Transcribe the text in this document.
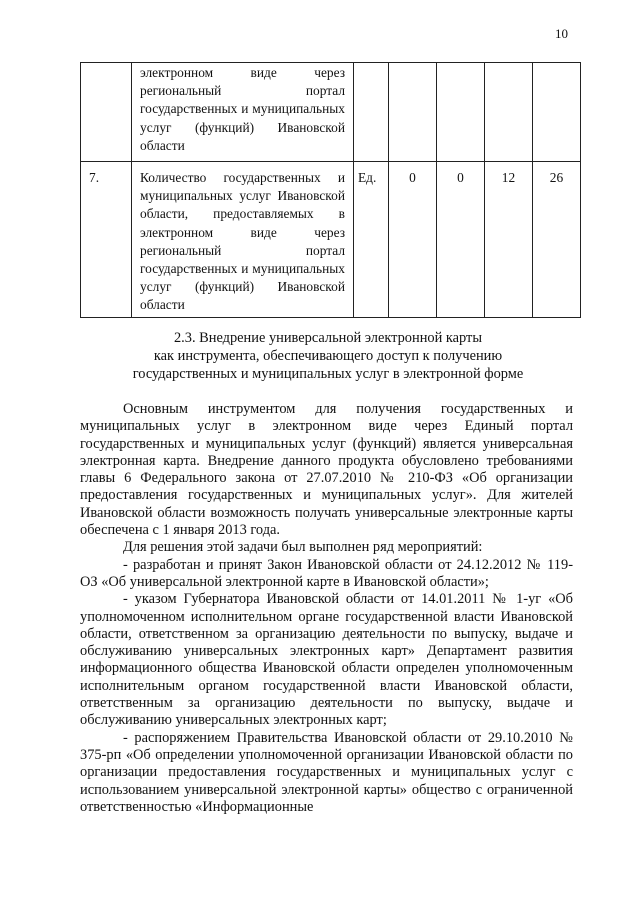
10

	электронном виде через региональный портал государственных и муниципальных услуг (функций) Ивановской области					

7.	Количество государственных и муниципальных услуг Ивановской области, предоставляемых в электронном виде через региональный портал государственных и муниципальных услуг (функций) Ивановской области	Ед.	0	0	12	26
2.3. Внедрение универсальной электронной карты
как инструмента, обеспечивающего доступ к получению
государственных и муниципальных услуг в электронной форме

Основным инструментом для получения государственных и муниципальных услуг в электронном виде через Единый портал государственных и муниципальных услуг (функций) является универсальная электронная карта. Внедрение данного продукта обусловлено требованиями главы 6 Федерального закона от 27.07.2010 № 210-ФЗ «Об организации предоставления государственных и муниципальных услуг». Для жителей Ивановской области возможность получать универсальные электронные карты обеспечена с 1 января 2013 года.

Для решения этой задачи был выполнен ряд мероприятий:

- разработан и принят Закон Ивановской области от 24.12.2012 № 119-ОЗ «Об универсальной электронной карте в Ивановской области»;

- указом Губернатора Ивановской области от 14.01.2011 № 1-уг «Об уполномоченном исполнительном органе государственной власти Ивановской области, ответственном за организацию деятельности по выпуску, выдаче и обслуживанию универсальных электронных карт» Департамент развития информационного общества Ивановской области определен уполномоченным исполнительным органом государственной власти Ивановской области, ответственным за организацию деятельности по выпуску, выдаче и обслуживанию универсальных электронных карт;

- распоряжением Правительства Ивановской области от 29.10.2010 № 375-рп «Об определении уполномоченной организации Ивановской области по организации предоставления государственных и муниципальных услуг с использованием универсальной электронной карты» общество с ограниченной ответственностью «Информационные
